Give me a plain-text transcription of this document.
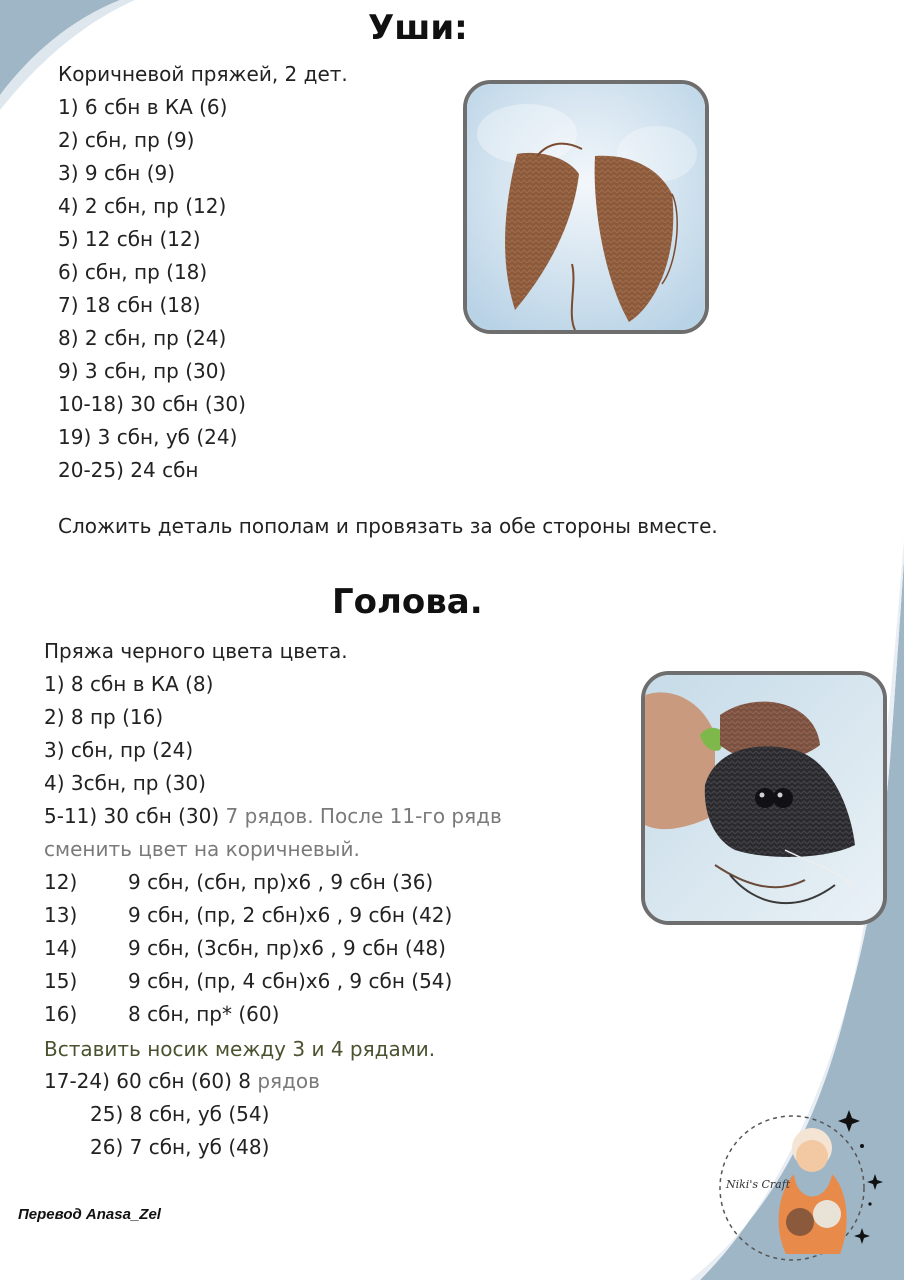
Уши:
Коричневой пряжей, 2 дет.
1) 6 сбн в КА (6)
2) сбн, пр (9)
3) 9 сбн (9)
4) 2 сбн, пр (12)
5) 12 сбн (12)
6) сбн, пр (18)
7) 18 сбн (18)
8) 2 сбн, пр (24)
9) 3 сбн, пр (30)
10-18) 30 сбн (30)
19) 3 сбн, уб (24)
20-25) 24 сбн
Сложить деталь пополам и провязать за обе стороны вместе.
Голова.
Пряжа черного цвета цвета.
1) 8 сбн в КА (8)
2) 8 пр (16)
3) сбн, пр (24)
4) 3сбн, пр (30)
5-11) 30 сбн (30) 7 рядов. После 11-го рядв
сменить цвет на коричневый.
12)	9 сбн, (сбн, пр)х6 , 9 сбн (36)
13)	9 сбн, (пр, 2 сбн)х6 , 9 сбн (42)
14)	9 сбн, (3сбн, пр)х6 , 9 сбн (48)
15)	9 сбн, (пр, 4 сбн)х6 , 9 сбн (54)
16)	8 сбн, пр* (60)
Вставить носик между 3 и 4 рядами.
17-24) 60 сбн (60) 8 рядов
25) 8 сбн, уб (54)
26) 7 сбн, уб (48)
Niki's Craft
Перевод Anasa_Zel
